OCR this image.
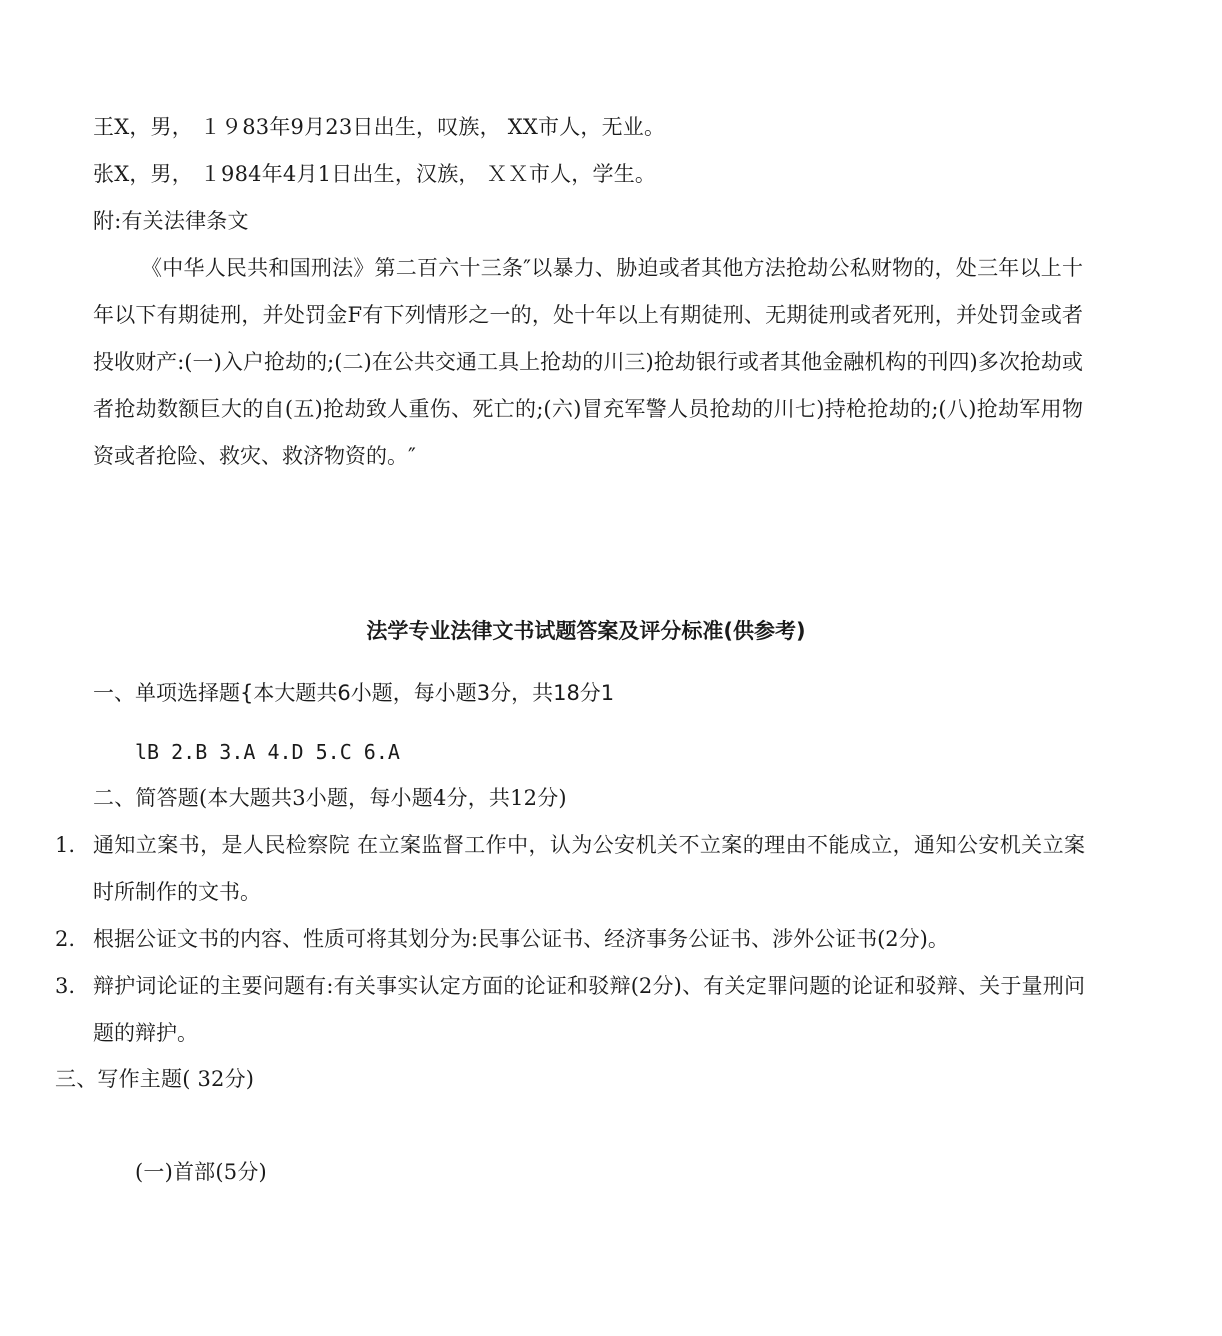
王X，男， １９83年9月23日出生，叹族， XX市人，无业。
张X，男， １984年4月1日出生，汉族， ＸＸ市人，学生。
附:有关法律条文
《中华人民共和国刑法》第二百六十三条″以暴力、胁迫或者其他方法抢劫公私财物的，处三年以上十年以下有期徒刑，并处罚金F有下列情形之一的，处十年以上有期徒刑、无期徒刑或者死刑，并处罚金或者投收财产:(一)入户抢劫的;(二)在公共交通工具上抢劫的川三)抢劫银行或者其他金融机构的刊四)多次抢劫或者抢劫数额巨大的自(五)抢劫致人重伤、死亡的;(六)冒充军警人员抢劫的川七)持枪抢劫的;(八)抢劫军用物资或者抢险、救灾、救济物资的。″
法学专业法律文书试题答案及评分标准(供参考)
一、单项选择题{本大题共6小题，每小题3分，共18分1
lB 2.B 3.A 4.D 5.C 6.A
二、简答题(本大题共3小题，每小题4分，共12分)
1. 通知立案书，是人民检察院 在立案监督工作中，认为公安机关不立案的理由不能成立，通知公安机关立案时所制作的文书。
2. 根据公证文书的内容、性质可将其划分为:民事公证书、经济事务公证书、涉外公证书(2分)。
3. 辩护词论证的主要问题有:有关事实认定方面的论证和驳辩(2分)、有关定罪问题的论证和驳辩、关于量刑问题的辩护。
三、写作主题( 32分)
(一)首部(5分)
